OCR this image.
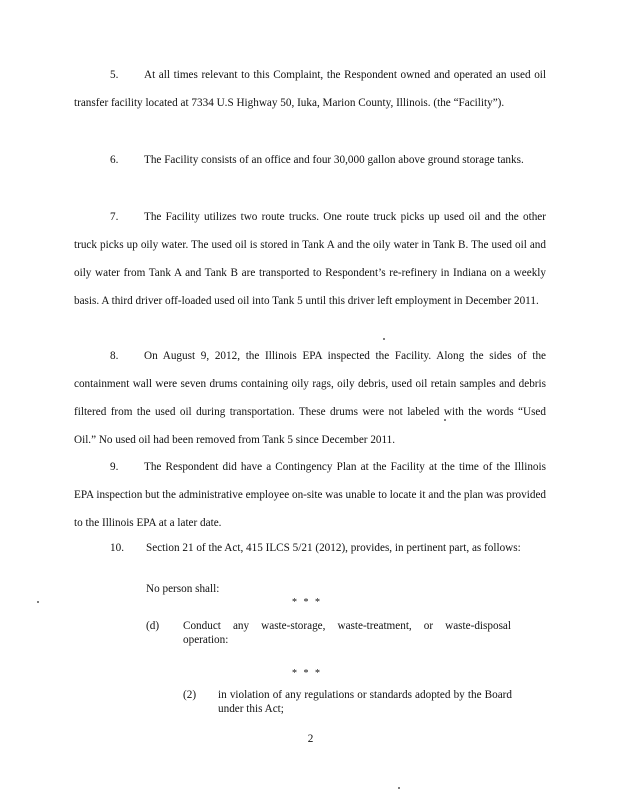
5. At all times relevant to this Complaint, the Respondent owned and operated an used oil transfer facility located at 7334 U.S Highway 50, Iuka, Marion County, Illinois. (the “Facility”).
6. The Facility consists of an office and four 30,000 gallon above ground storage tanks.
7. The Facility utilizes two route trucks. One route truck picks up used oil and the other truck picks up oily water. The used oil is stored in Tank A and the oily water in Tank B. The used oil and oily water from Tank A and Tank B are transported to Respondent’s re-refinery in Indiana on a weekly basis. A third driver off-loaded used oil into Tank 5 until this driver left employment in December 2011.
8. On August 9, 2012, the Illinois EPA inspected the Facility. Along the sides of the containment wall were seven drums containing oily rags, oily debris, used oil retain samples and debris filtered from the used oil during transportation. These drums were not labeled with the words “Used Oil.” No used oil had been removed from Tank 5 since December 2011.
9. The Respondent did have a Contingency Plan at the Facility at the time of the Illinois EPA inspection but the administrative employee on-site was unable to locate it and the plan was provided to the Illinois EPA at a later date.
10. Section 21 of the Act, 415 ILCS 5/21 (2012), provides, in pertinent part, as follows:
No person shall:
* * *
(d) Conduct any waste-storage, waste-treatment, or waste-disposal operation:
* * *
(2) in violation of any regulations or standards adopted by the Board under this Act;
2
